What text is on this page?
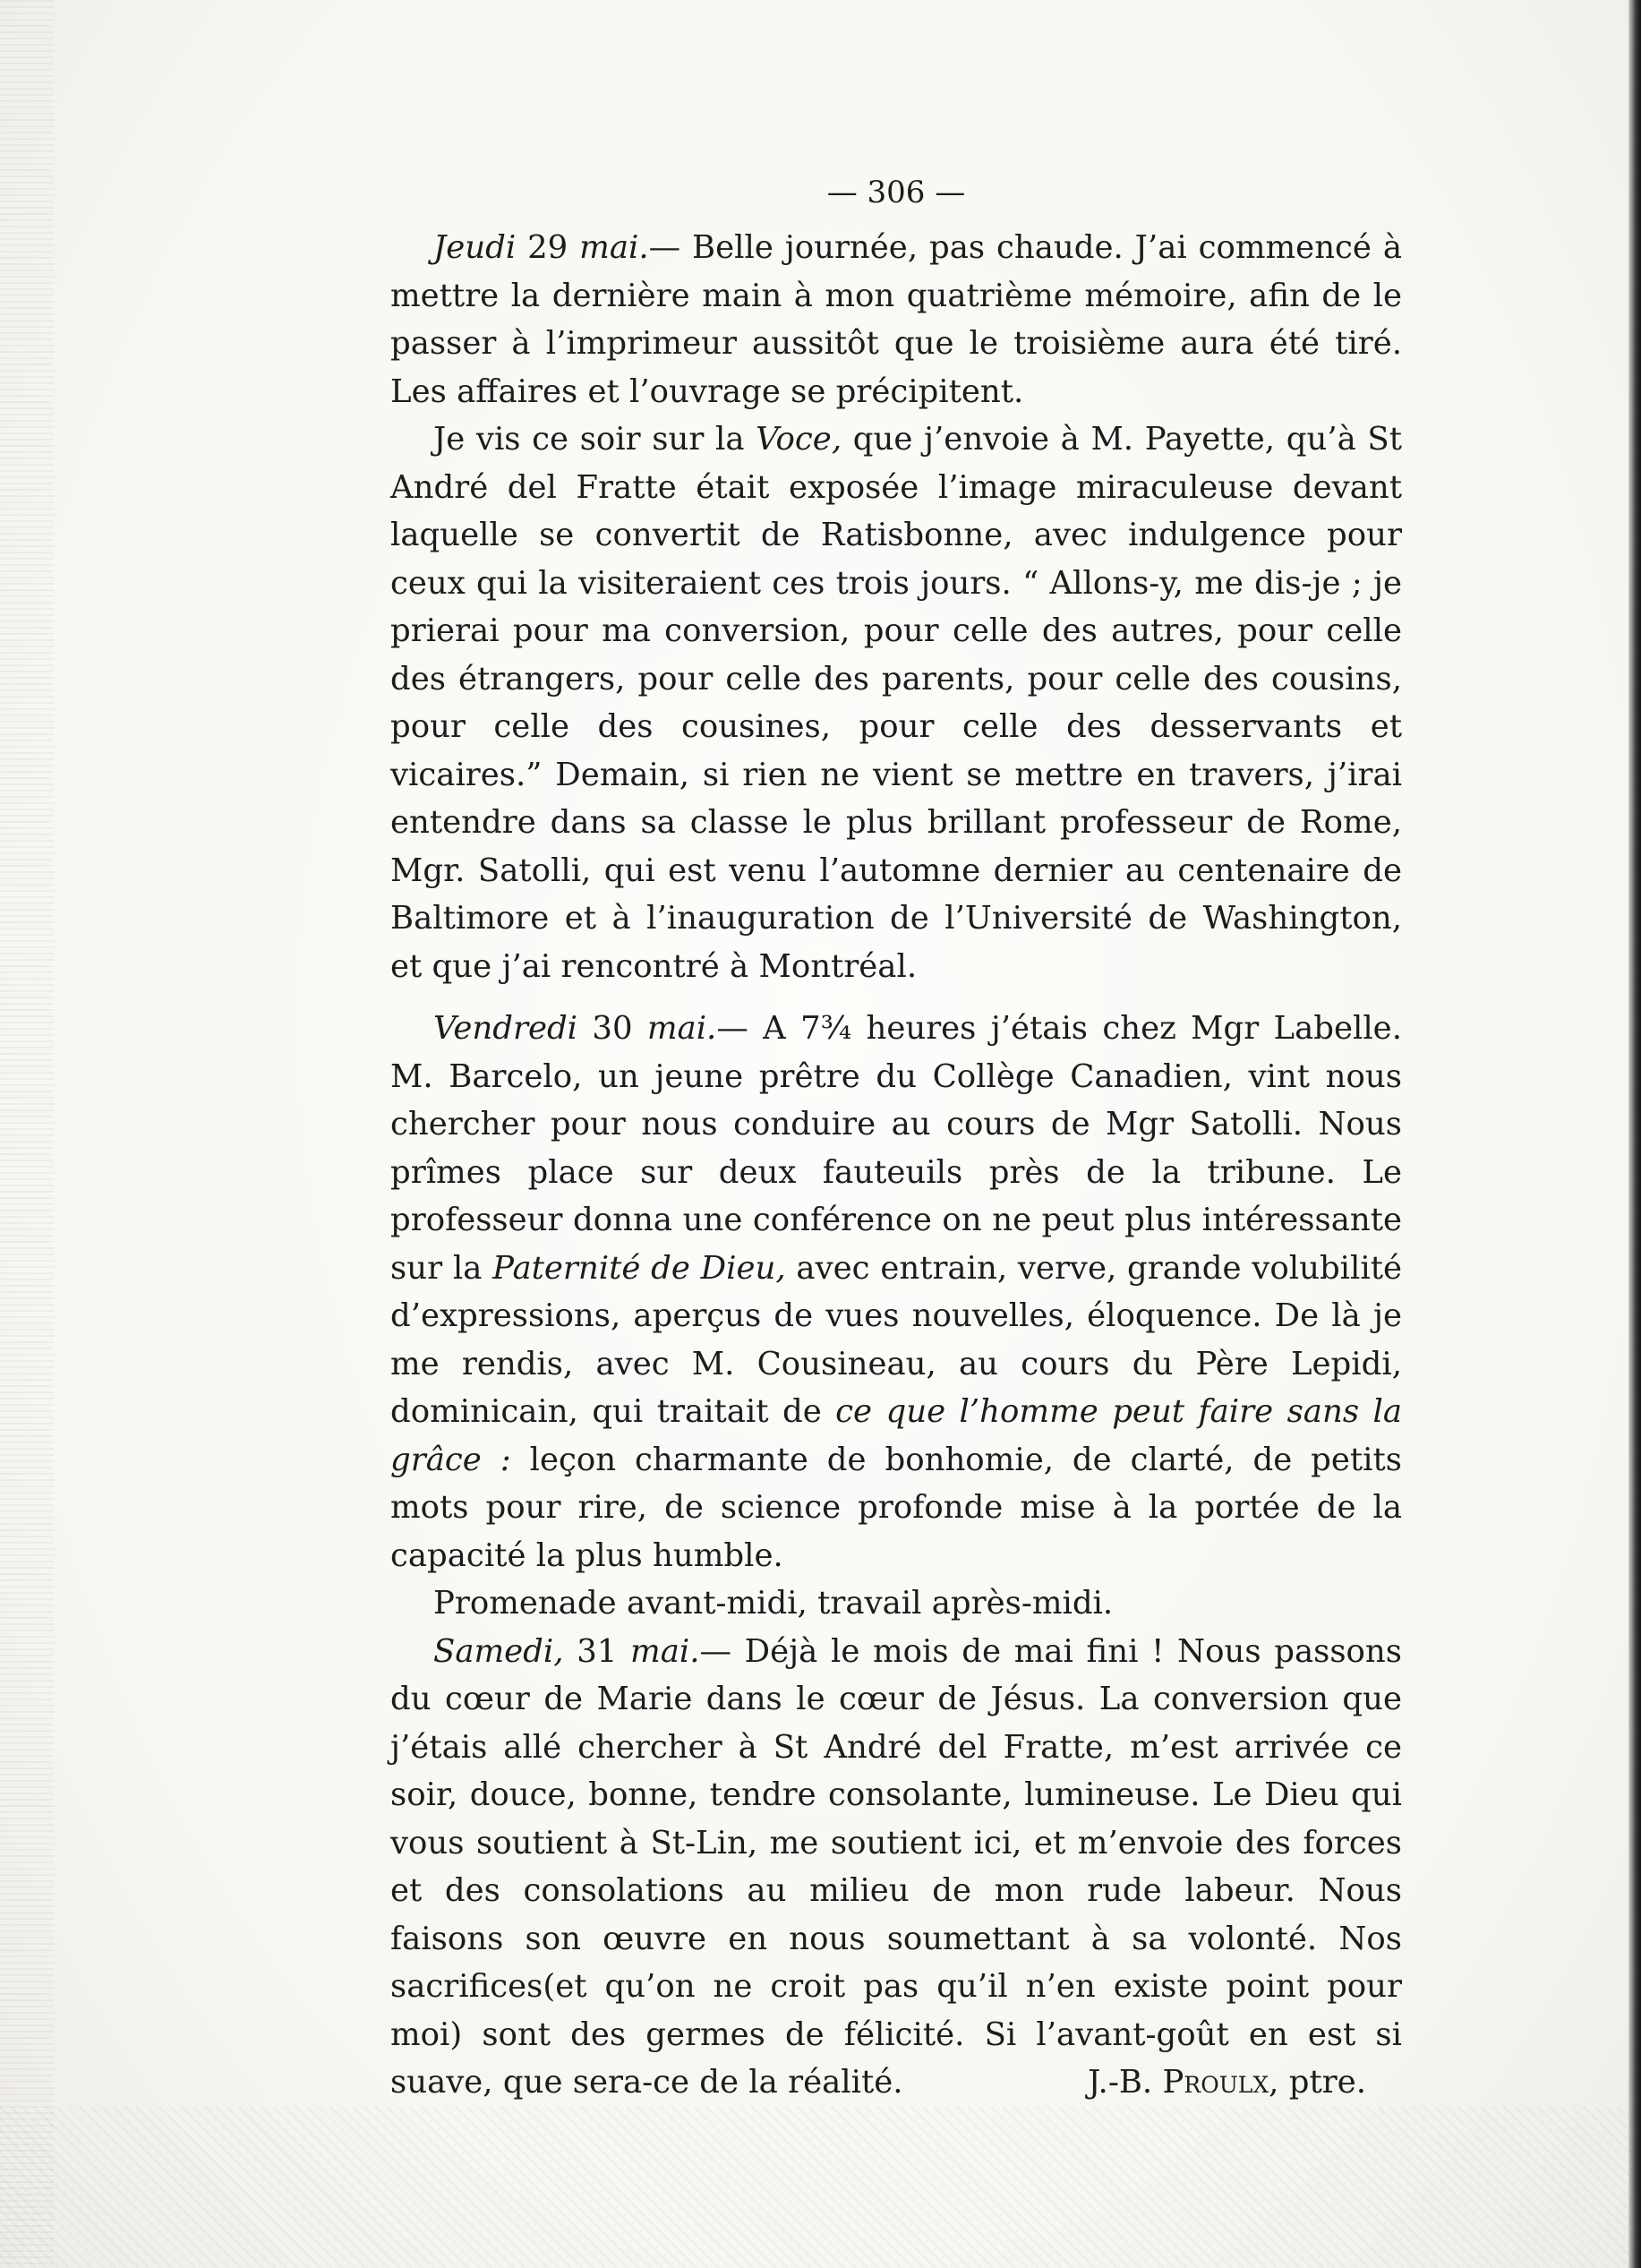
— 306 —

Jeudi 29 mai.— Belle journée, pas chaude. J’ai commencé à mettre la dernière main à mon quatrième mémoire, afin de le passer à l’imprimeur aussitôt que le troisième aura été tiré. Les affaires et l’ouvrage se précipitent.

Je vis ce soir sur la Voce, que j’envoie à M. Payette, qu’à St André del Fratte était exposée l’image miraculeuse devant laquelle se convertit de Ratisbonne, avec indulgence pour ceux qui la visiteraient ces trois jours. “ Allons-y, me dis-je ; je prierai pour ma conversion, pour celle des autres, pour celle des étrangers, pour celle des parents, pour celle des cousins, pour celle des cousines, pour celle des desservants et vicaires.” Demain, si rien ne vient se mettre en travers, j’irai entendre dans sa classe le plus brillant professeur de Rome, Mgr. Satolli, qui est venu l’automne dernier au centenaire de Baltimore et à l’inauguration de l’Université de Washington, et que j’ai rencontré à Montréal.

Vendredi 30 mai.— A 7¾ heures j’étais chez Mgr Labelle. M. Barcelo, un jeune prêtre du Collège Canadien, vint nous chercher pour nous conduire au cours de Mgr Satolli. Nous prîmes place sur deux fauteuils près de la tribune. Le professeur donna une conférence on ne peut plus intéressante sur la Paternité de Dieu, avec entrain, verve, grande volubilité d’expressions, aperçus de vues nouvelles, éloquence. De là je me rendis, avec M. Cousineau, au cours du Père Lepidi, dominicain, qui traitait de ce que l’homme peut faire sans la grâce : leçon charmante de bonhomie, de clarté, de petits mots pour rire, de science profonde mise à la portée de la capacité la plus humble.

Promenade avant-midi, travail après-midi.

Samedi, 31 mai.— Déjà le mois de mai fini ! Nous passons du cœur de Marie dans le cœur de Jésus. La conversion que j’étais allé chercher à St André del Fratte, m’est arrivée ce soir, douce, bonne, tendre consolante, lumineuse. Le Dieu qui vous soutient à St-Lin, me soutient ici, et m’envoie des forces et des consolations au milieu de mon rude labeur. Nous faisons son œuvre en nous soumettant à sa volonté. Nos sacrifices(et qu’on ne croit pas qu’il n’en existe point pour moi) sont des germes de félicité. Si l’avant-goût en est si suave, que sera-ce de la réalité.	J.-B. Proulx, ptre.
